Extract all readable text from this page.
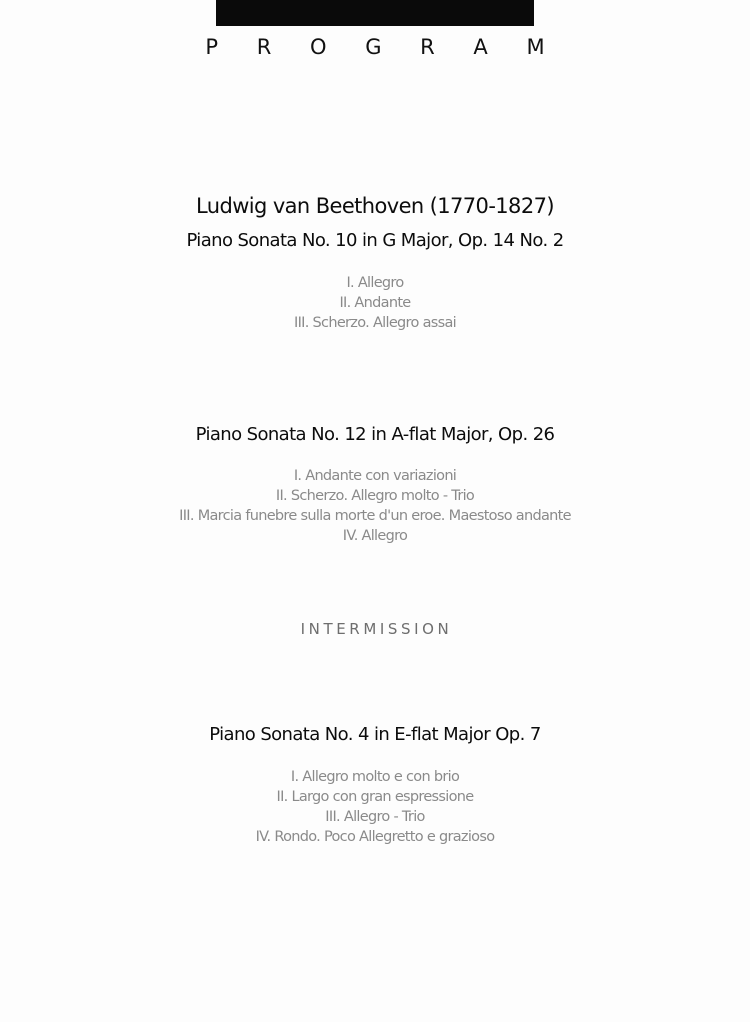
P R O G R A M
Ludwig van Beethoven (1770-1827)
Piano Sonata No. 10 in G Major, Op. 14 No. 2
I. Allegro
II. Andante
III. Scherzo. Allegro assai
Piano Sonata No. 12 in A-flat Major, Op. 26
I. Andante con variazioni
II. Scherzo. Allegro molto - Trio
III. Marcia funebre sulla morte d'un eroe. Maestoso andante
IV. Allegro
INTERMISSION
Piano Sonata No. 4 in E-flat Major Op. 7
I. Allegro molto e con brio
II. Largo con gran espressione
III. Allegro - Trio
IV. Rondo. Poco Allegretto e grazioso
